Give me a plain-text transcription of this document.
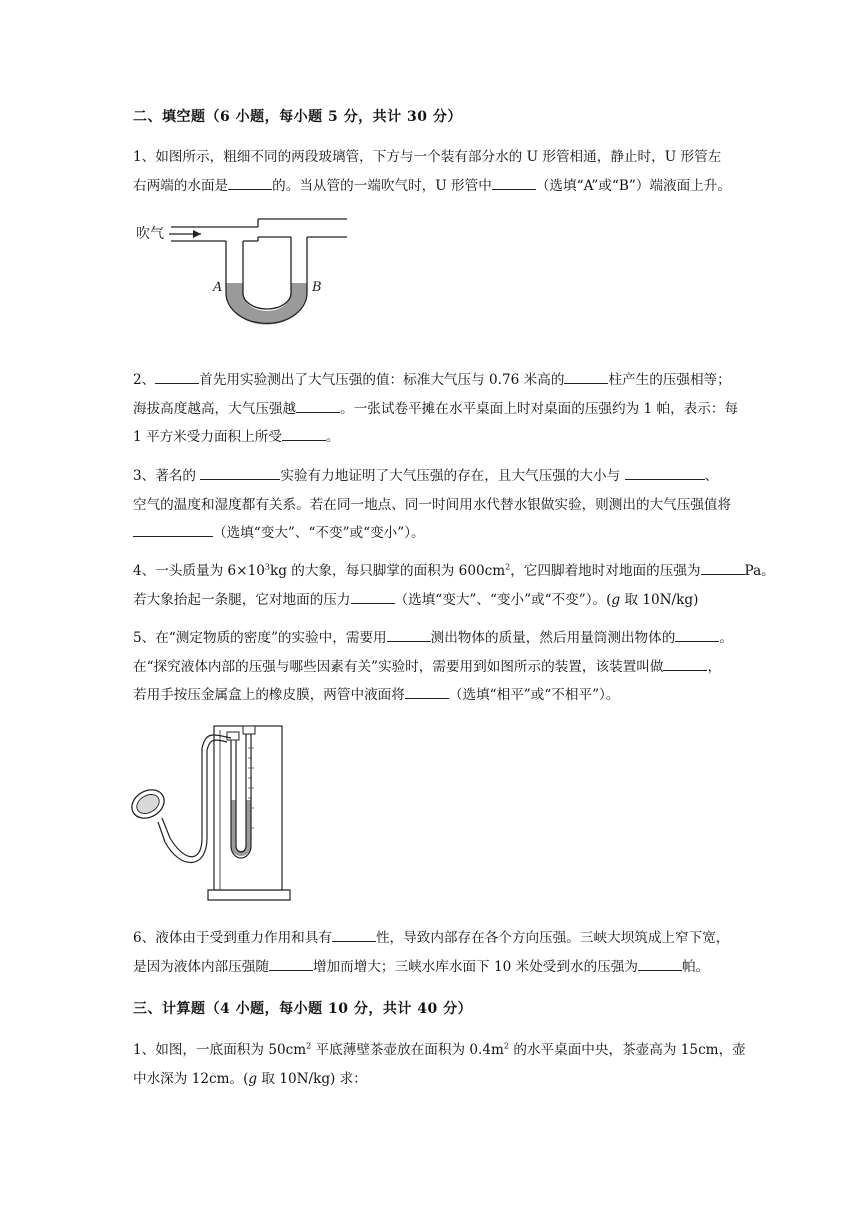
二、填空题（6 小题，每小题 5 分，共计 30 分）
1、如图所示，粗细不同的两段玻璃管，下方与一个装有部分水的 U 形管相通，静止时，U 形管左
右两端的水面是	的。当从管的一端吹气时，U 形管中	（选填“A”或“B”）端液面上升。
吹气
A	B
2、	首先用实验测出了大气压强的值：标准大气压与 0.76 米高的	柱产生的压强相等；
海拔高度越高，大气压强越	。一张试卷平摊在水平桌面上时对桌面的压强约为 1 帕，表示：每
1 平方米受力面积上所受	。
3、著名的	实验有力地证明了大气压强的存在，且大气压强的大小与	、
空气的温度和湿度都有关系。若在同一地点、同一时间用水代替水银做实验，则测出的大气压强值将
（选填“变大”、“不变”或“变小”）。
4、一头质量为 $6\times 10^3kg$ 的大象，每只脚掌的面积为 $600cm^2$，它四脚着地时对地面的压强为	Pa。
若大象抬起一条腿，它对地面的压力	（选填“变大”、“变小”或“不变”）。(g 取 10N/kg)
5、在“测定物质的密度”的实验中，需要用	测出物体的质量，然后用量筒测出物体的	。
在“探究液体内部的压强与哪些因素有关”实验时，需要用到如图所示的装置，该装置叫做	，
若用手按压金属盒上的橡皮膜，两管中液面将	（选填“相平”或“不相平”）。
6、液体由于受到重力作用和具有	性，导致内部存在各个方向压强。三峡大坝筑成上窄下宽，
是因为液体内部压强随	增加而增大；三峡水库水面下 10 米处受到水的压强为	帕。
三、计算题（4 小题，每小题 10 分，共计 40 分）
1、如图，一底面积为 $50cm^2$ 平底薄壁茶壶放在面积为 $0.4m^2$ 的水平桌面中央，茶壶高为 15cm，壶
中水深为 12cm。(g 取 10N/kg) 求：
